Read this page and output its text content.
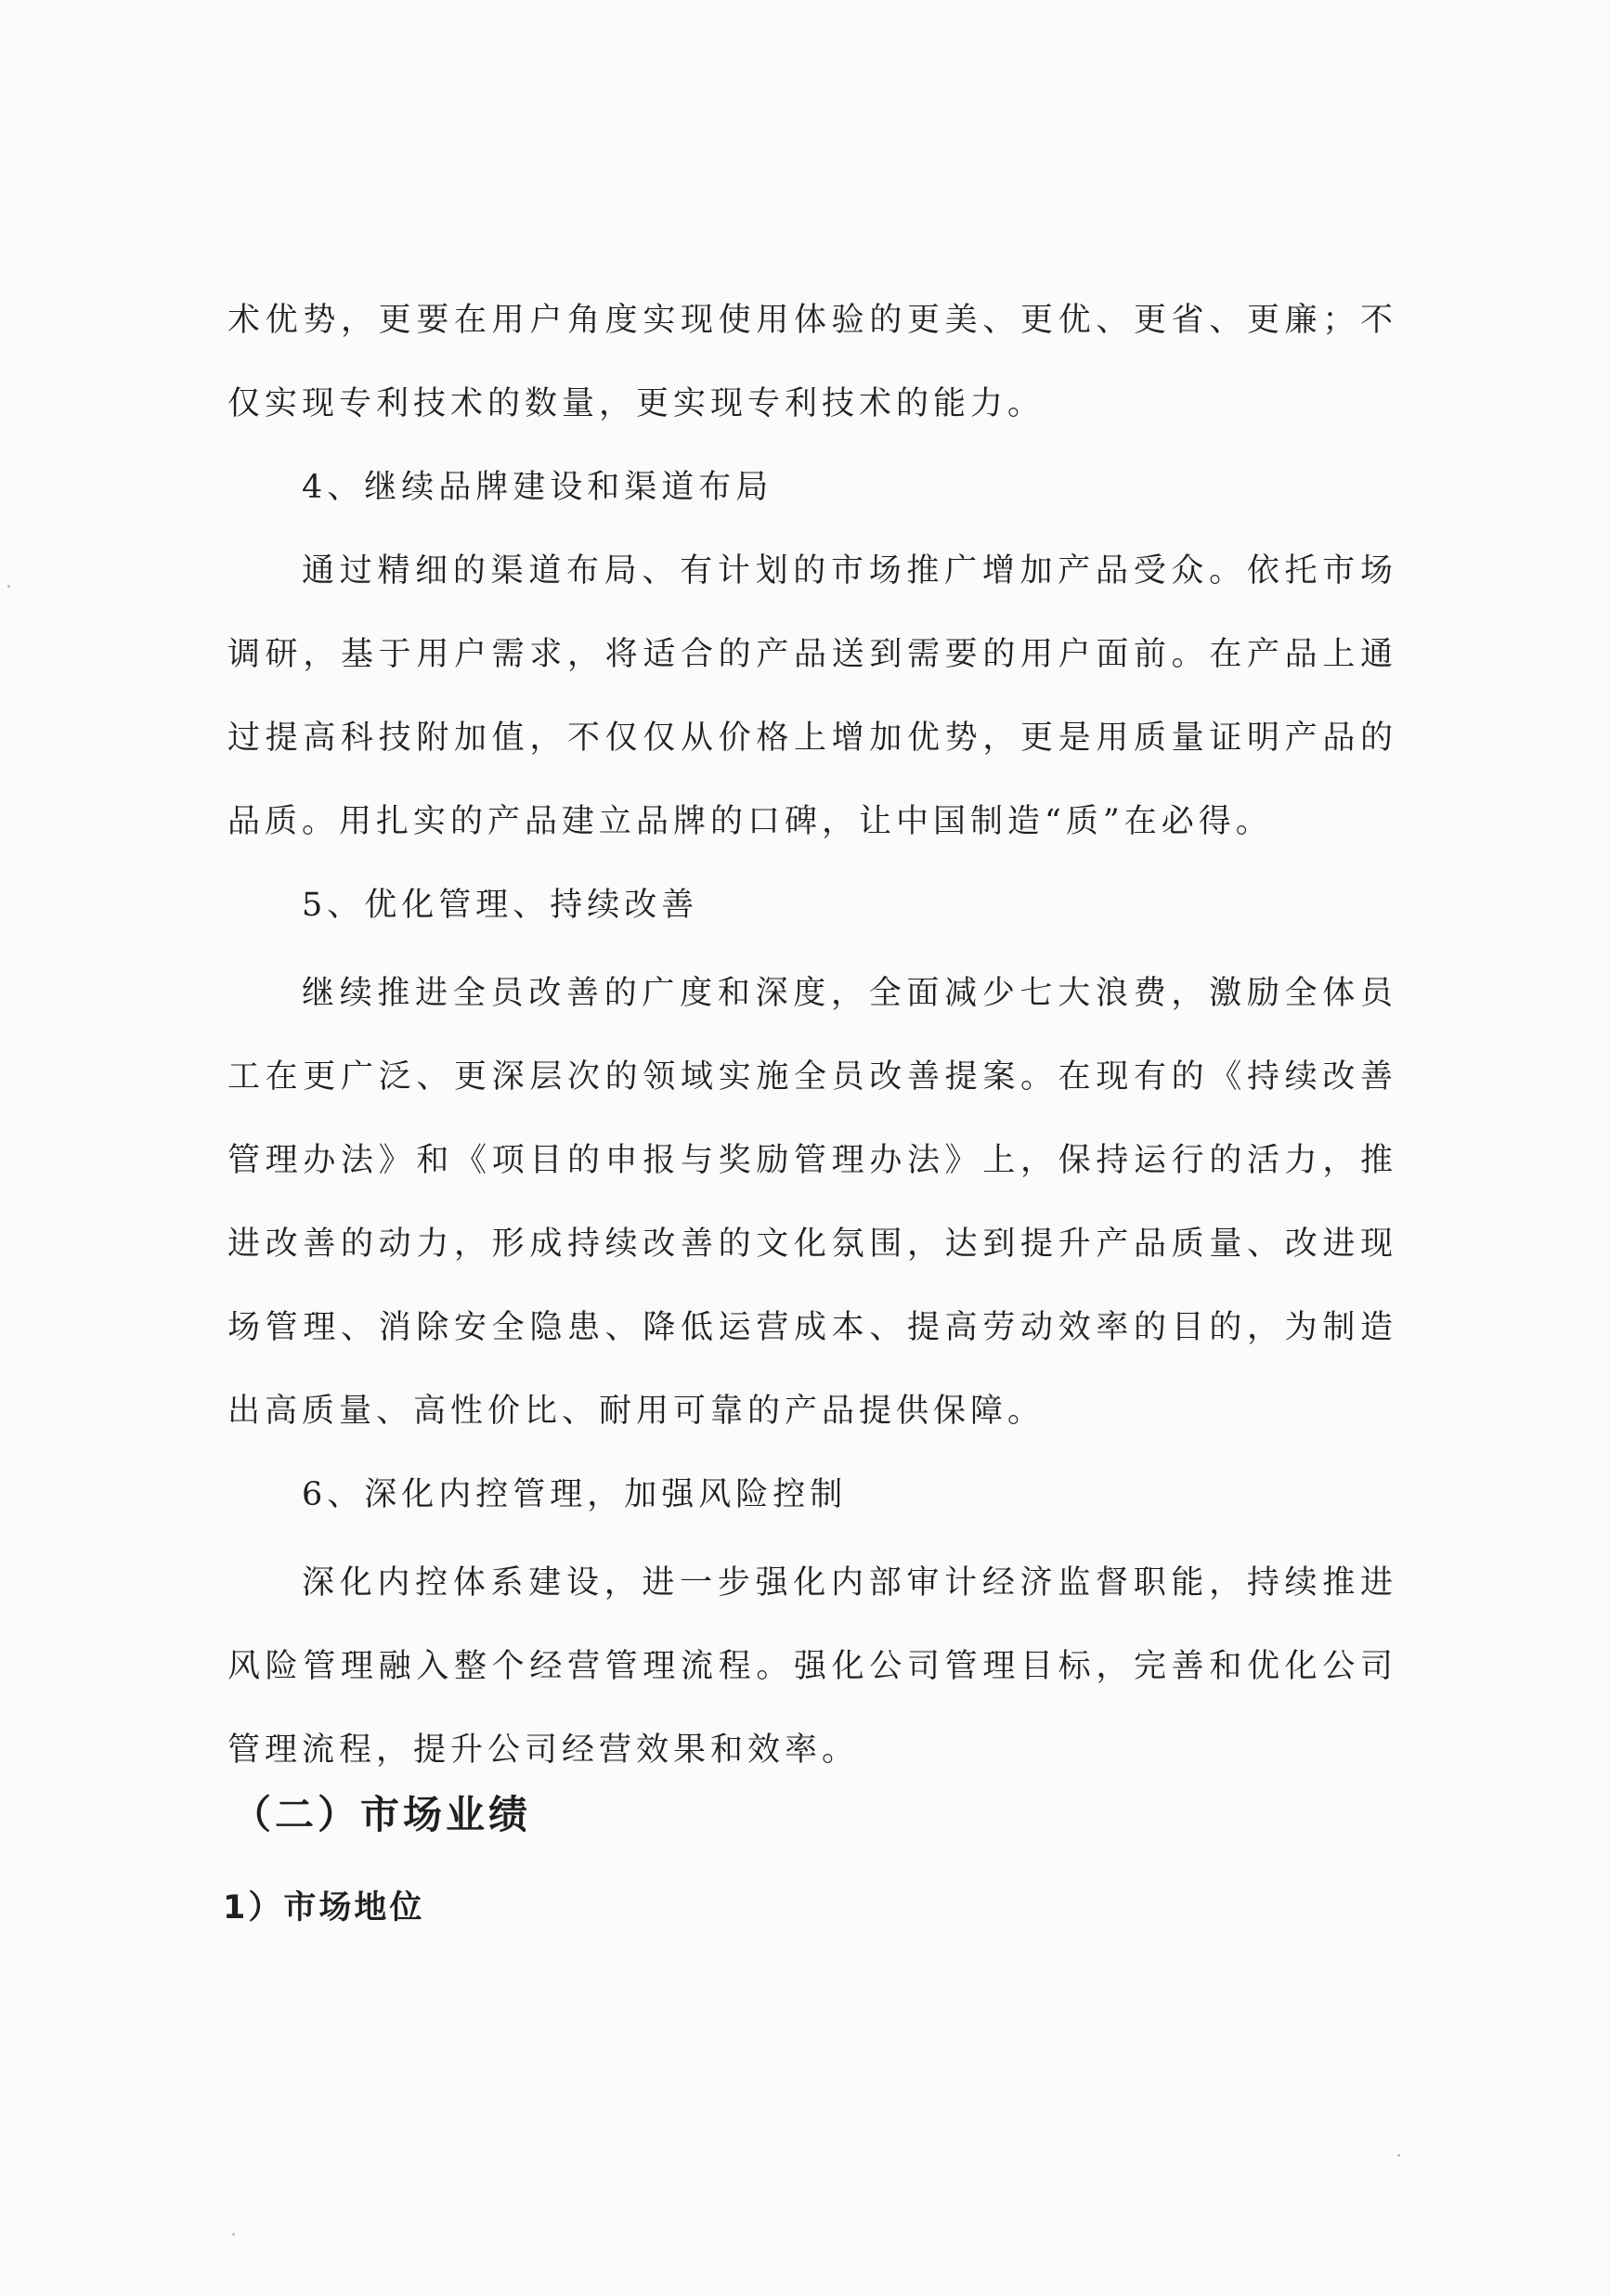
术优势，更要在用户角度实现使用体验的更美、更优、更省、更廉；不仅实现专利技术的数量，更实现专利技术的能力。

4、继续品牌建设和渠道布局

通过精细的渠道布局、有计划的市场推广增加产品受众。依托市场调研，基于用户需求，将适合的产品送到需要的用户面前。在产品上通过提高科技附加值，不仅仅从价格上增加优势，更是用质量证明产品的品质。用扎实的产品建立品牌的口碑，让中国制造“质”在必得。

5、优化管理、持续改善

继续推进全员改善的广度和深度，全面减少七大浪费，激励全体员工在更广泛、更深层次的领域实施全员改善提案。在现有的《持续改善管理办法》和《项目的申报与奖励管理办法》上，保持运行的活力，推进改善的动力，形成持续改善的文化氛围，达到提升产品质量、改进现场管理、消除安全隐患、降低运营成本、提高劳动效率的目的，为制造出高质量、高性价比、耐用可靠的产品提供保障。

6、深化内控管理，加强风险控制

深化内控体系建设，进一步强化内部审计经济监督职能，持续推进风险管理融入整个经营管理流程。强化公司管理目标，完善和优化公司管理流程，提升公司经营效果和效率。

（二）市场业绩
1）市场地位
